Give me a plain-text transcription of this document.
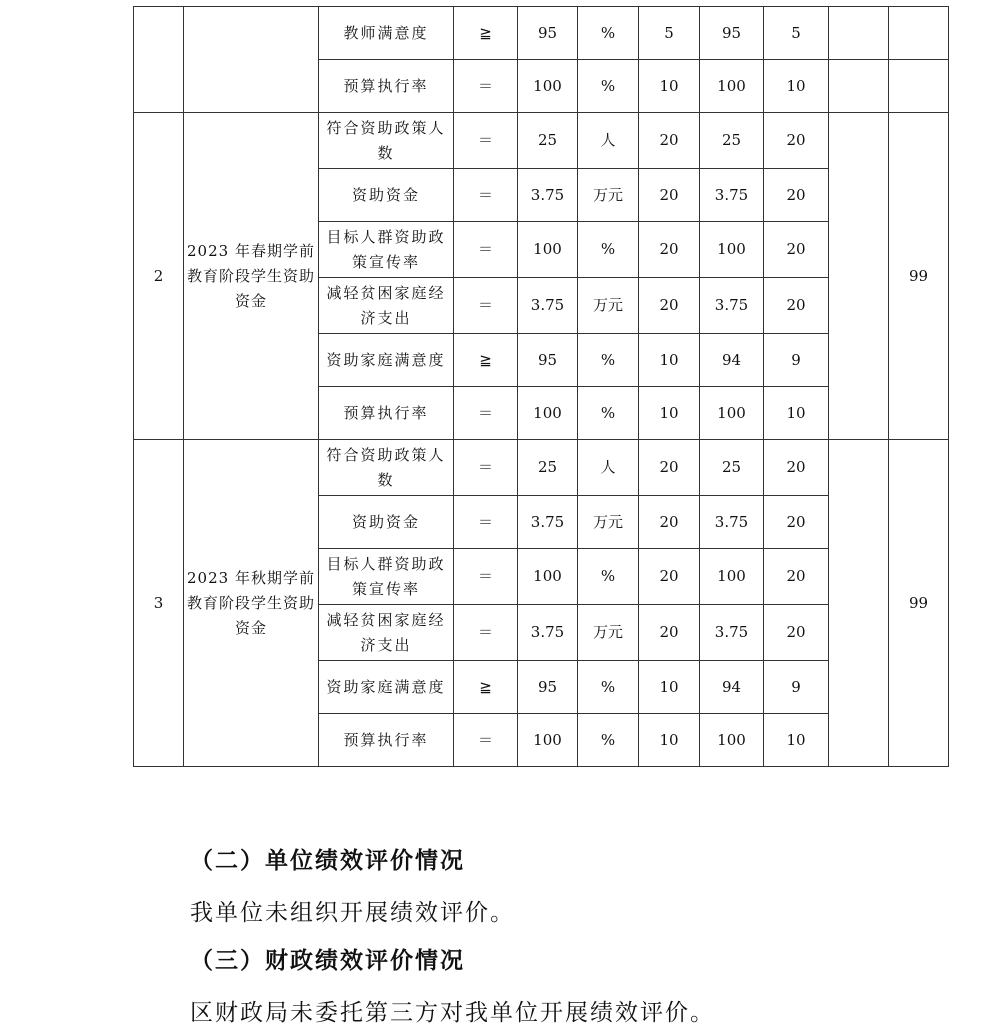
		教师满意度	≧	95	%	5	95	5		
		预算执行率	＝	100	%	10	100	10		
2	2023 年春期学前教育阶段学生资助资金	符合资助政策人数	＝	25	人	20	25	20		99
		资助资金	＝	3.75	万元	20	3.75	20		
		目标人群资助政策宣传率	＝	100	%	20	100	20		
		减轻贫困家庭经济支出	＝	3.75	万元	20	3.75	20		
		资助家庭满意度	≧	95	%	10	94	9		
		预算执行率	＝	100	%	10	100	10		
3	2023 年秋期学前教育阶段学生资助资金	符合资助政策人数	＝	25	人	20	25	20		99
		资助资金	＝	3.75	万元	20	3.75	20		
		目标人群资助政策宣传率	＝	100	%	20	100	20		
		减轻贫困家庭经济支出	＝	3.75	万元	20	3.75	20		
		资助家庭满意度	≧	95	%	10	94	9		
		预算执行率	＝	100	%	10	100	10		
（二）单位绩效评价情况
我单位未组织开展绩效评价。
（三）财政绩效评价情况
区财政局未委托第三方对我单位开展绩效评价。
